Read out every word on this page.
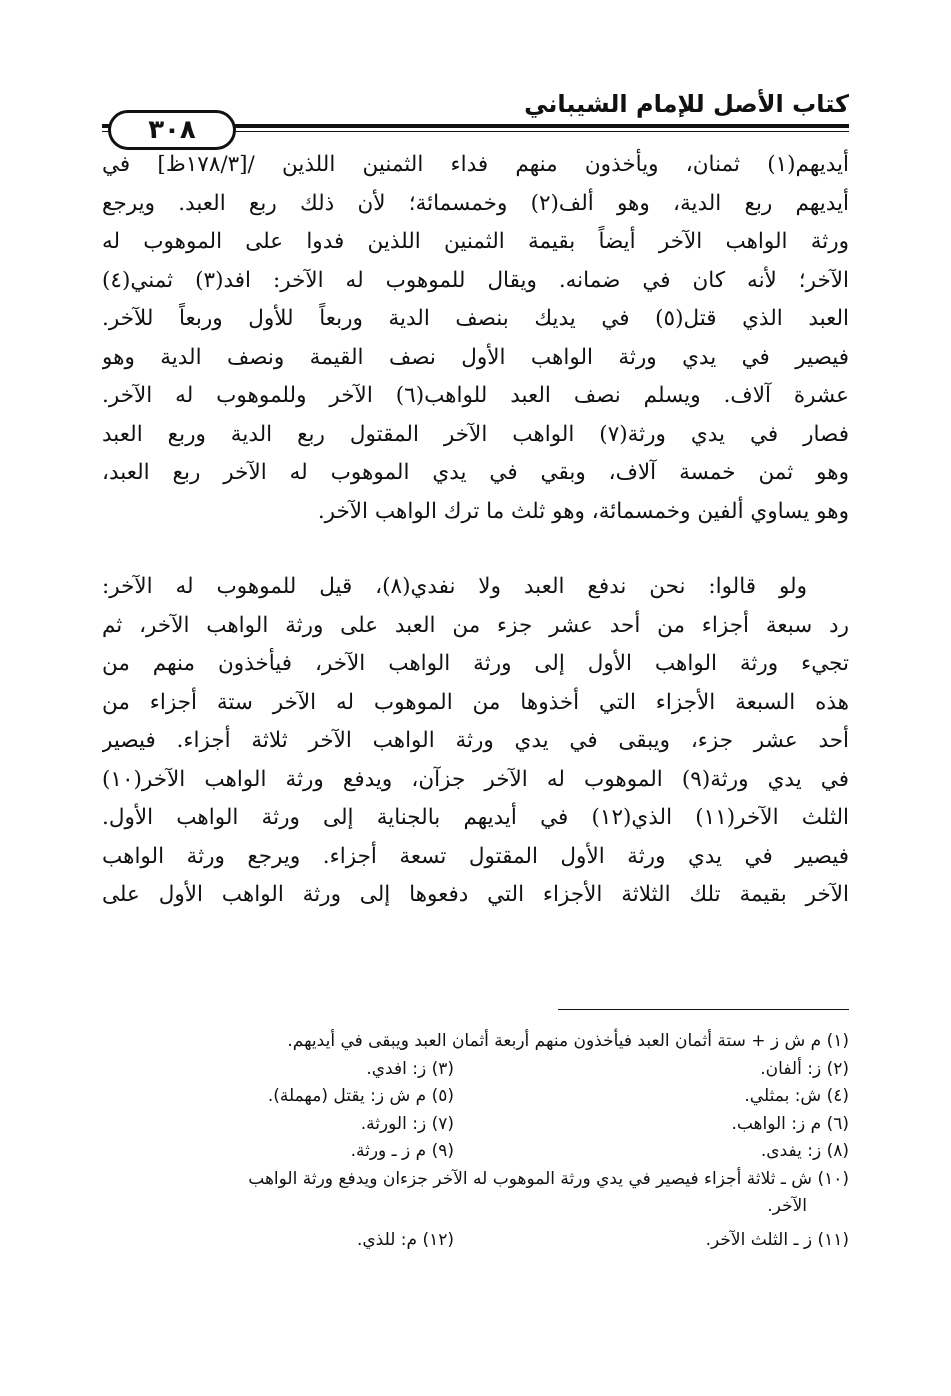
كتاب الأصل للإمام الشيباني
٣٠٨
أيديهم(١) ثمنان، ويأخذون منهم فداء الثمنين اللذين /[١٧٨/٣ظ] في
أيديهم ربع الدية، وهو ألف(٢) وخمسمائة؛ لأن ذلك ربع العبد. ويرجع
ورثة الواهب الآخر أيضاً بقيمة الثمنين اللذين فدوا على الموهوب له
الآخر؛ لأنه كان في ضمانه. ويقال للموهوب له الآخر: افد(٣) ثمني(٤)
العبد الذي قتل(٥) في يديك بنصف الدية وربعاً للأول وربعاً للآخر.
فيصير في يدي ورثة الواهب الأول نصف القيمة ونصف الدية وهو
عشرة آلاف. ويسلم نصف العبد للواهب(٦) الآخر وللموهوب له الآخر.
فصار في يدي ورثة(٧) الواهب الآخر المقتول ربع الدية وربع العبد
وهو ثمن خمسة آلاف، وبقي في يدي الموهوب له الآخر ربع العبد،
وهو يساوي ألفين وخمسمائة، وهو ثلث ما ترك الواهب الآخر.
ولو قالوا: نحن ندفع العبد ولا نفدي(٨)، قيل للموهوب له الآخر:
رد سبعة أجزاء من أحد عشر جزء من العبد على ورثة الواهب الآخر، ثم
تجيء ورثة الواهب الأول إلى ورثة الواهب الآخر، فيأخذون منهم من
هذه السبعة الأجزاء التي أخذوها من الموهوب له الآخر ستة أجزاء من
أحد عشر جزء، ويبقى في يدي ورثة الواهب الآخر ثلاثة أجزاء. فيصير
في يدي ورثة(٩) الموهوب له الآخر جزآن، ويدفع ورثة الواهب الآخر(١٠)
الثلث الآخر(١١) الذي(١٢) في أيديهم بالجناية إلى ورثة الواهب الأول.
فيصير في يدي ورثة الأول المقتول تسعة أجزاء. ويرجع ورثة الواهب
الآخر بقيمة تلك الثلاثة الأجزاء التي دفعوها إلى ورثة الواهب الأول على
(١) م ش ز + ستة أثمان العبد فيأخذون منهم أربعة أثمان العبد ويبقى في أيديهم.
(٢) ز: ألفان.
(٣) ز: افدي.
(٤) ش: بمثلي.
(٥) م ش ز: يقتل (مهملة).
(٦) م ز: الواهب.
(٧) ز: الورثة.
(٨) ز: يفدى.
(٩) م ز ـ ورثة.
(١٠) ش ـ ثلاثة أجزاء فيصير في يدي ورثة الموهوب له الآخر جزءان ويدفع ورثة الواهب
الآخر.
(١١) ز ـ الثلث الآخر.
(١٢) م: للذي.
